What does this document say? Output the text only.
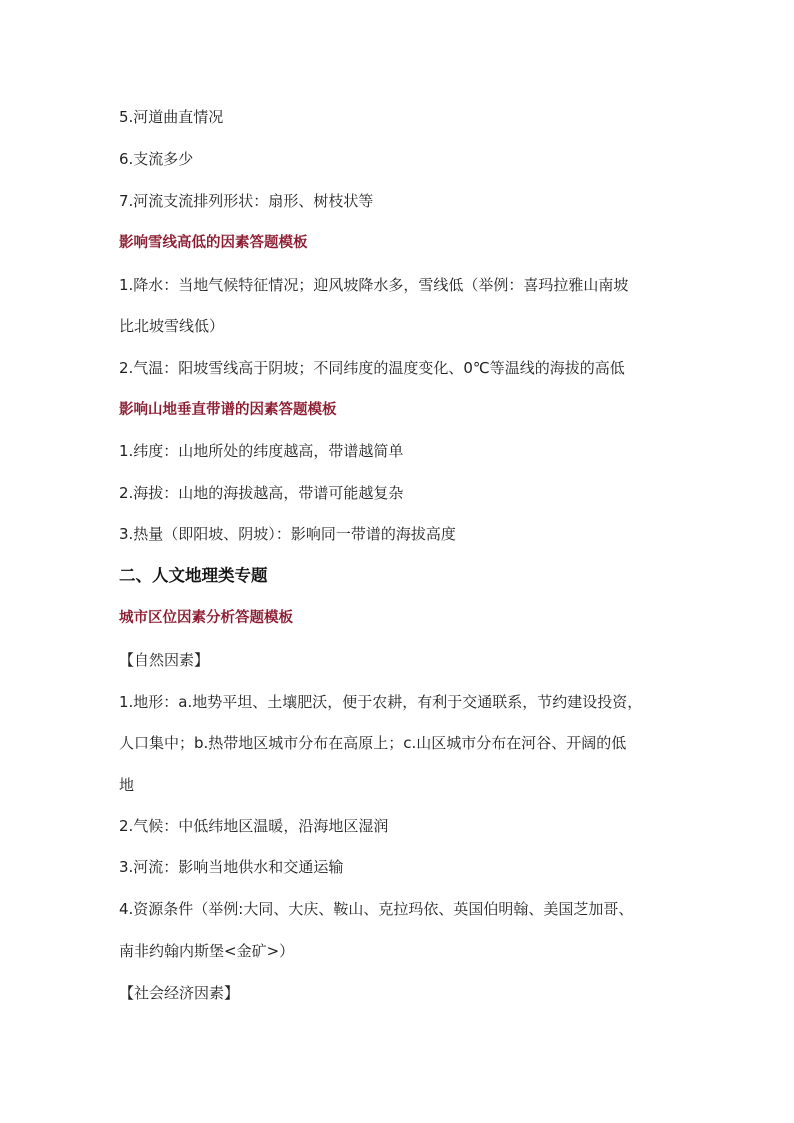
5.河道曲直情况
6.支流多少
7.河流支流排列形状：扇形、树枝状等
影响雪线高低的因素答题模板
1.降水：当地气候特征情况；迎风坡降水多，雪线低（举例：喜玛拉雅山南坡
比北坡雪线低）
2.气温：阳坡雪线高于阴坡；不同纬度的温度变化、0℃等温线的海拔的高低
影响山地垂直带谱的因素答题模板
1.纬度：山地所处的纬度越高，带谱越简单
2.海拔：山地的海拔越高，带谱可能越复杂
3.热量（即阳坡、阴坡）：影响同一带谱的海拔高度
二、人文地理类专题
城市区位因素分析答题模板
【自然因素】
1.地形：a.地势平坦、土壤肥沃，便于农耕，有利于交通联系，节约建设投资，
人口集中；b.热带地区城市分布在高原上；c.山区城市分布在河谷、开阔的低
地
2.气候：中低纬地区温暖，沿海地区湿润
3.河流：影响当地供水和交通运输
4.资源条件（举例:大同、大庆、鞍山、克拉玛依、英国伯明翰、美国芝加哥、
南非约翰内斯堡<金矿>）
【社会经济因素】
